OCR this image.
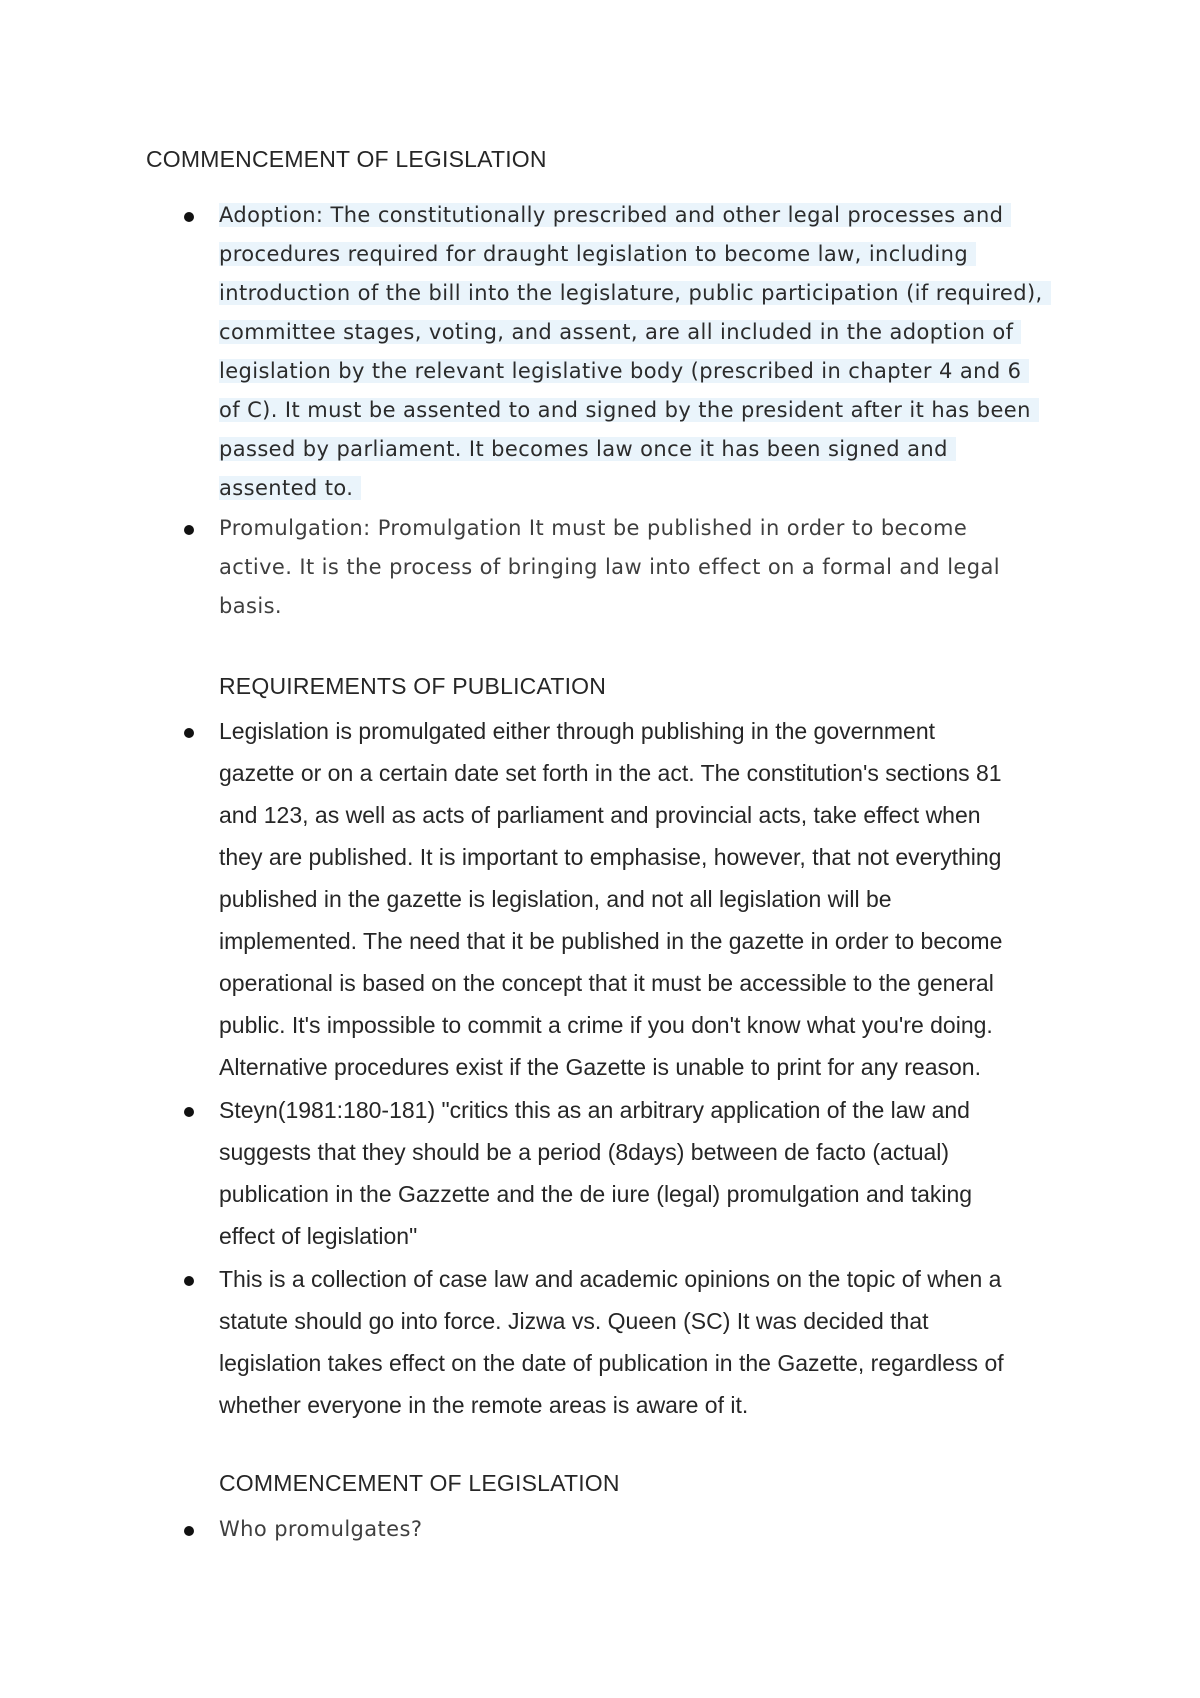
COMMENCEMENT OF LEGISLATION
Adoption: The constitutionally prescribed and other legal processes and
procedures required for draught legislation to become law, including
introduction of the bill into the legislature, public participation (if required),
committee stages, voting, and assent, are all included in the adoption of
legislation by the relevant legislative body (prescribed in chapter 4 and 6
of C). It must be assented to and signed by the president after it has been
passed by parliament. It becomes law once it has been signed and
assented to.
Promulgation: Promulgation It must be published in order to become
active. It is the process of bringing law into effect on a formal and legal
basis.
REQUIREMENTS OF PUBLICATION
Legislation is promulgated either through publishing in the government
gazette or on a certain date set forth in the act. The constitution's sections 81
and 123, as well as acts of parliament and provincial acts, take effect when
they are published. It is important to emphasise, however, that not everything
published in the gazette is legislation, and not all legislation will be
implemented. The need that it be published in the gazette in order to become
operational is based on the concept that it must be accessible to the general
public. It's impossible to commit a crime if you don't know what you're doing.
Alternative procedures exist if the Gazette is unable to print for any reason.
Steyn(1981:180-181) "critics this as an arbitrary application of the law and
suggests that they should be a period (8days) between de facto (actual)
publication in the Gazzette and the de iure (legal) promulgation and taking
effect of legislation"
This is a collection of case law and academic opinions on the topic of when a
statute should go into force. Jizwa vs. Queen (SC) It was decided that
legislation takes effect on the date of publication in the Gazette, regardless of
whether everyone in the remote areas is aware of it.
COMMENCEMENT OF LEGISLATION
Who promulgates?
